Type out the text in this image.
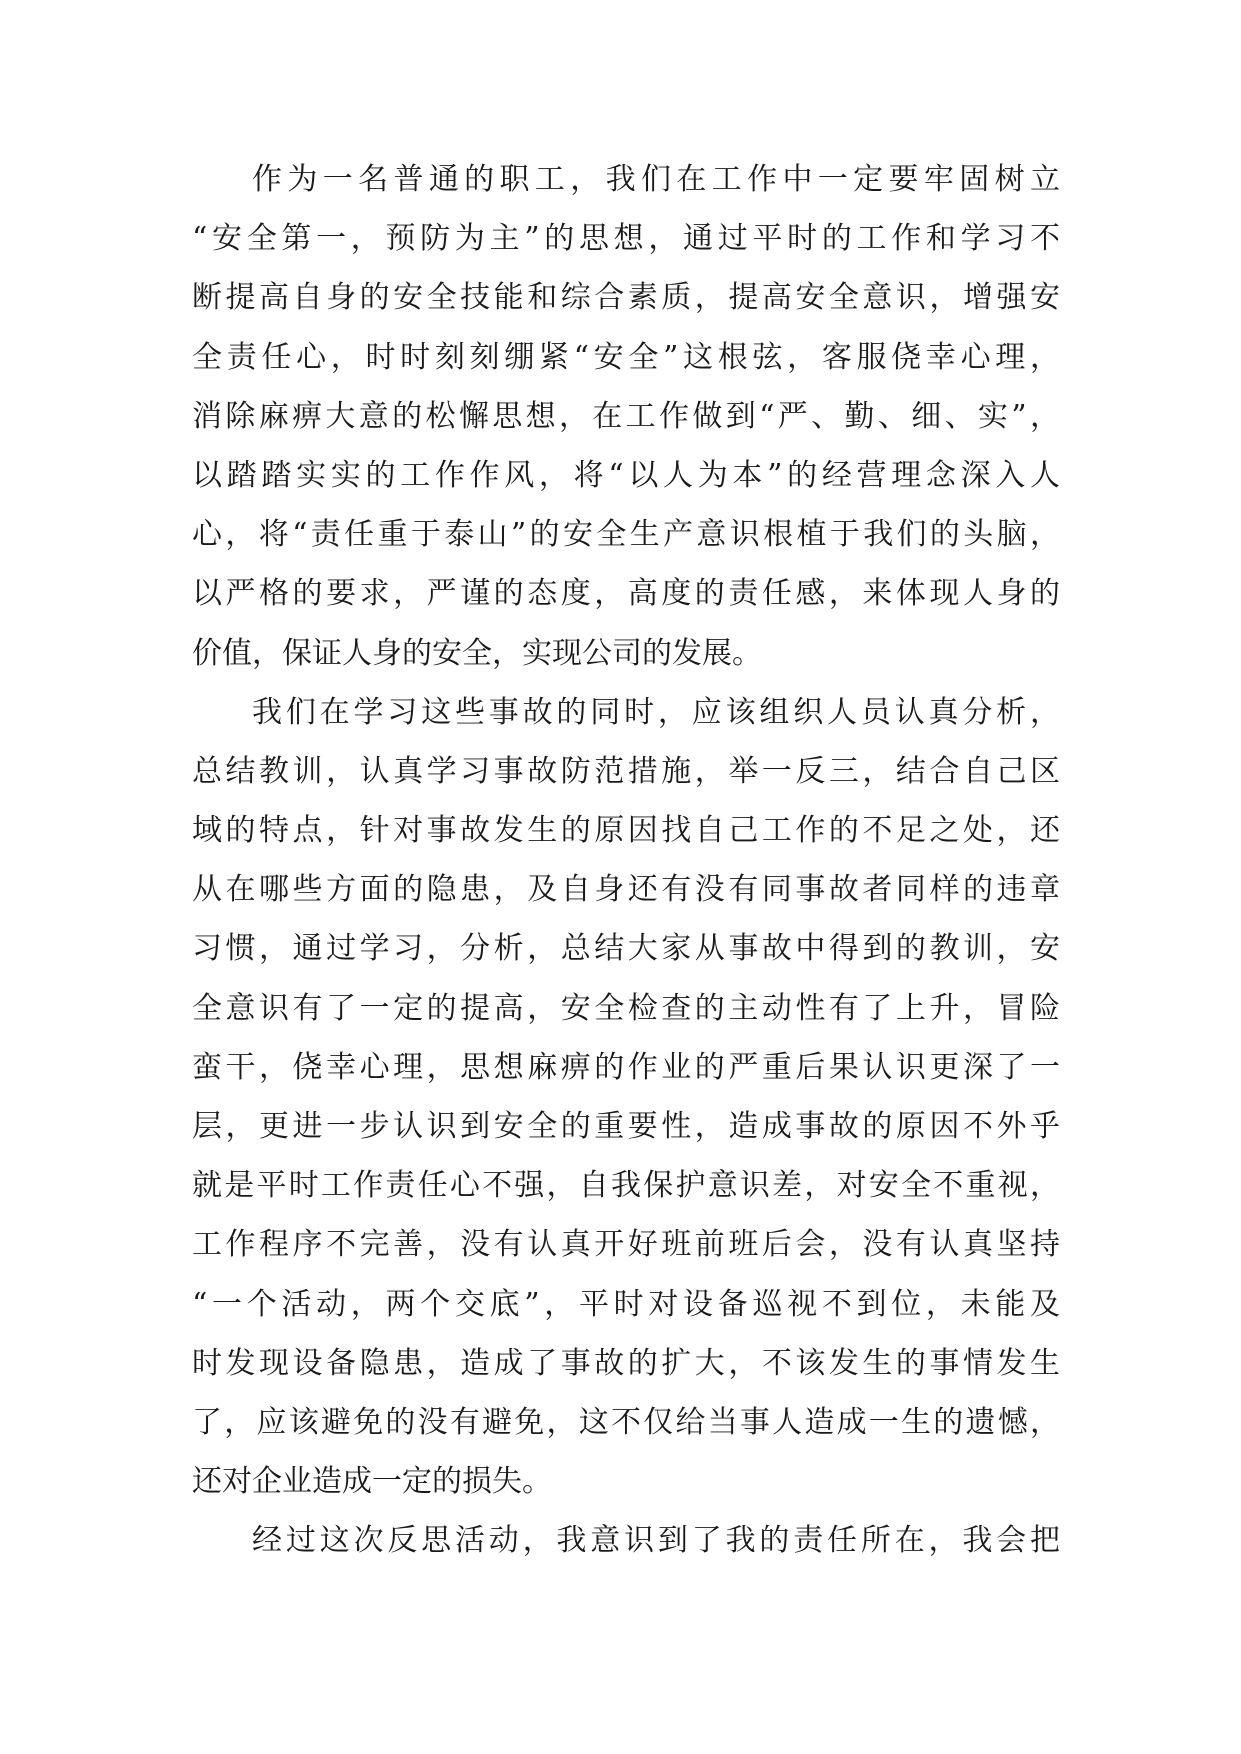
作为一名普通的职工，我们在工作中一定要牢固树立
“安全第一，预防为主”的思想，通过平时的工作和学习不
断提高自身的安全技能和综合素质，提高安全意识，增强安
全责任心，时时刻刻绷紧“安全”这根弦，客服侥幸心理，
消除麻痹大意的松懈思想，在工作做到“严、勤、细、实”，
以踏踏实实的工作作风，将“以人为本”的经营理念深入人
心，将“责任重于泰山”的安全生产意识根植于我们的头脑，
以严格的要求，严谨的态度，高度的责任感，来体现人身的
价值，保证人身的安全，实现公司的发展。
我们在学习这些事故的同时，应该组织人员认真分析，
总结教训，认真学习事故防范措施，举一反三，结合自己区
域的特点，针对事故发生的原因找自己工作的不足之处，还
从在哪些方面的隐患，及自身还有没有同事故者同样的违章
习惯，通过学习，分析，总结大家从事故中得到的教训，安
全意识有了一定的提高，安全检查的主动性有了上升，冒险
蛮干，侥幸心理，思想麻痹的作业的严重后果认识更深了一
层，更进一步认识到安全的重要性，造成事故的原因不外乎
就是平时工作责任心不强，自我保护意识差，对安全不重视，
工作程序不完善，没有认真开好班前班后会，没有认真坚持
“一个活动，两个交底”，平时对设备巡视不到位，未能及
时发现设备隐患，造成了事故的扩大，不该发生的事情发生
了，应该避免的没有避免，这不仅给当事人造成一生的遗憾，
还对企业造成一定的损失。
经过这次反思活动，我意识到了我的责任所在，我会把
